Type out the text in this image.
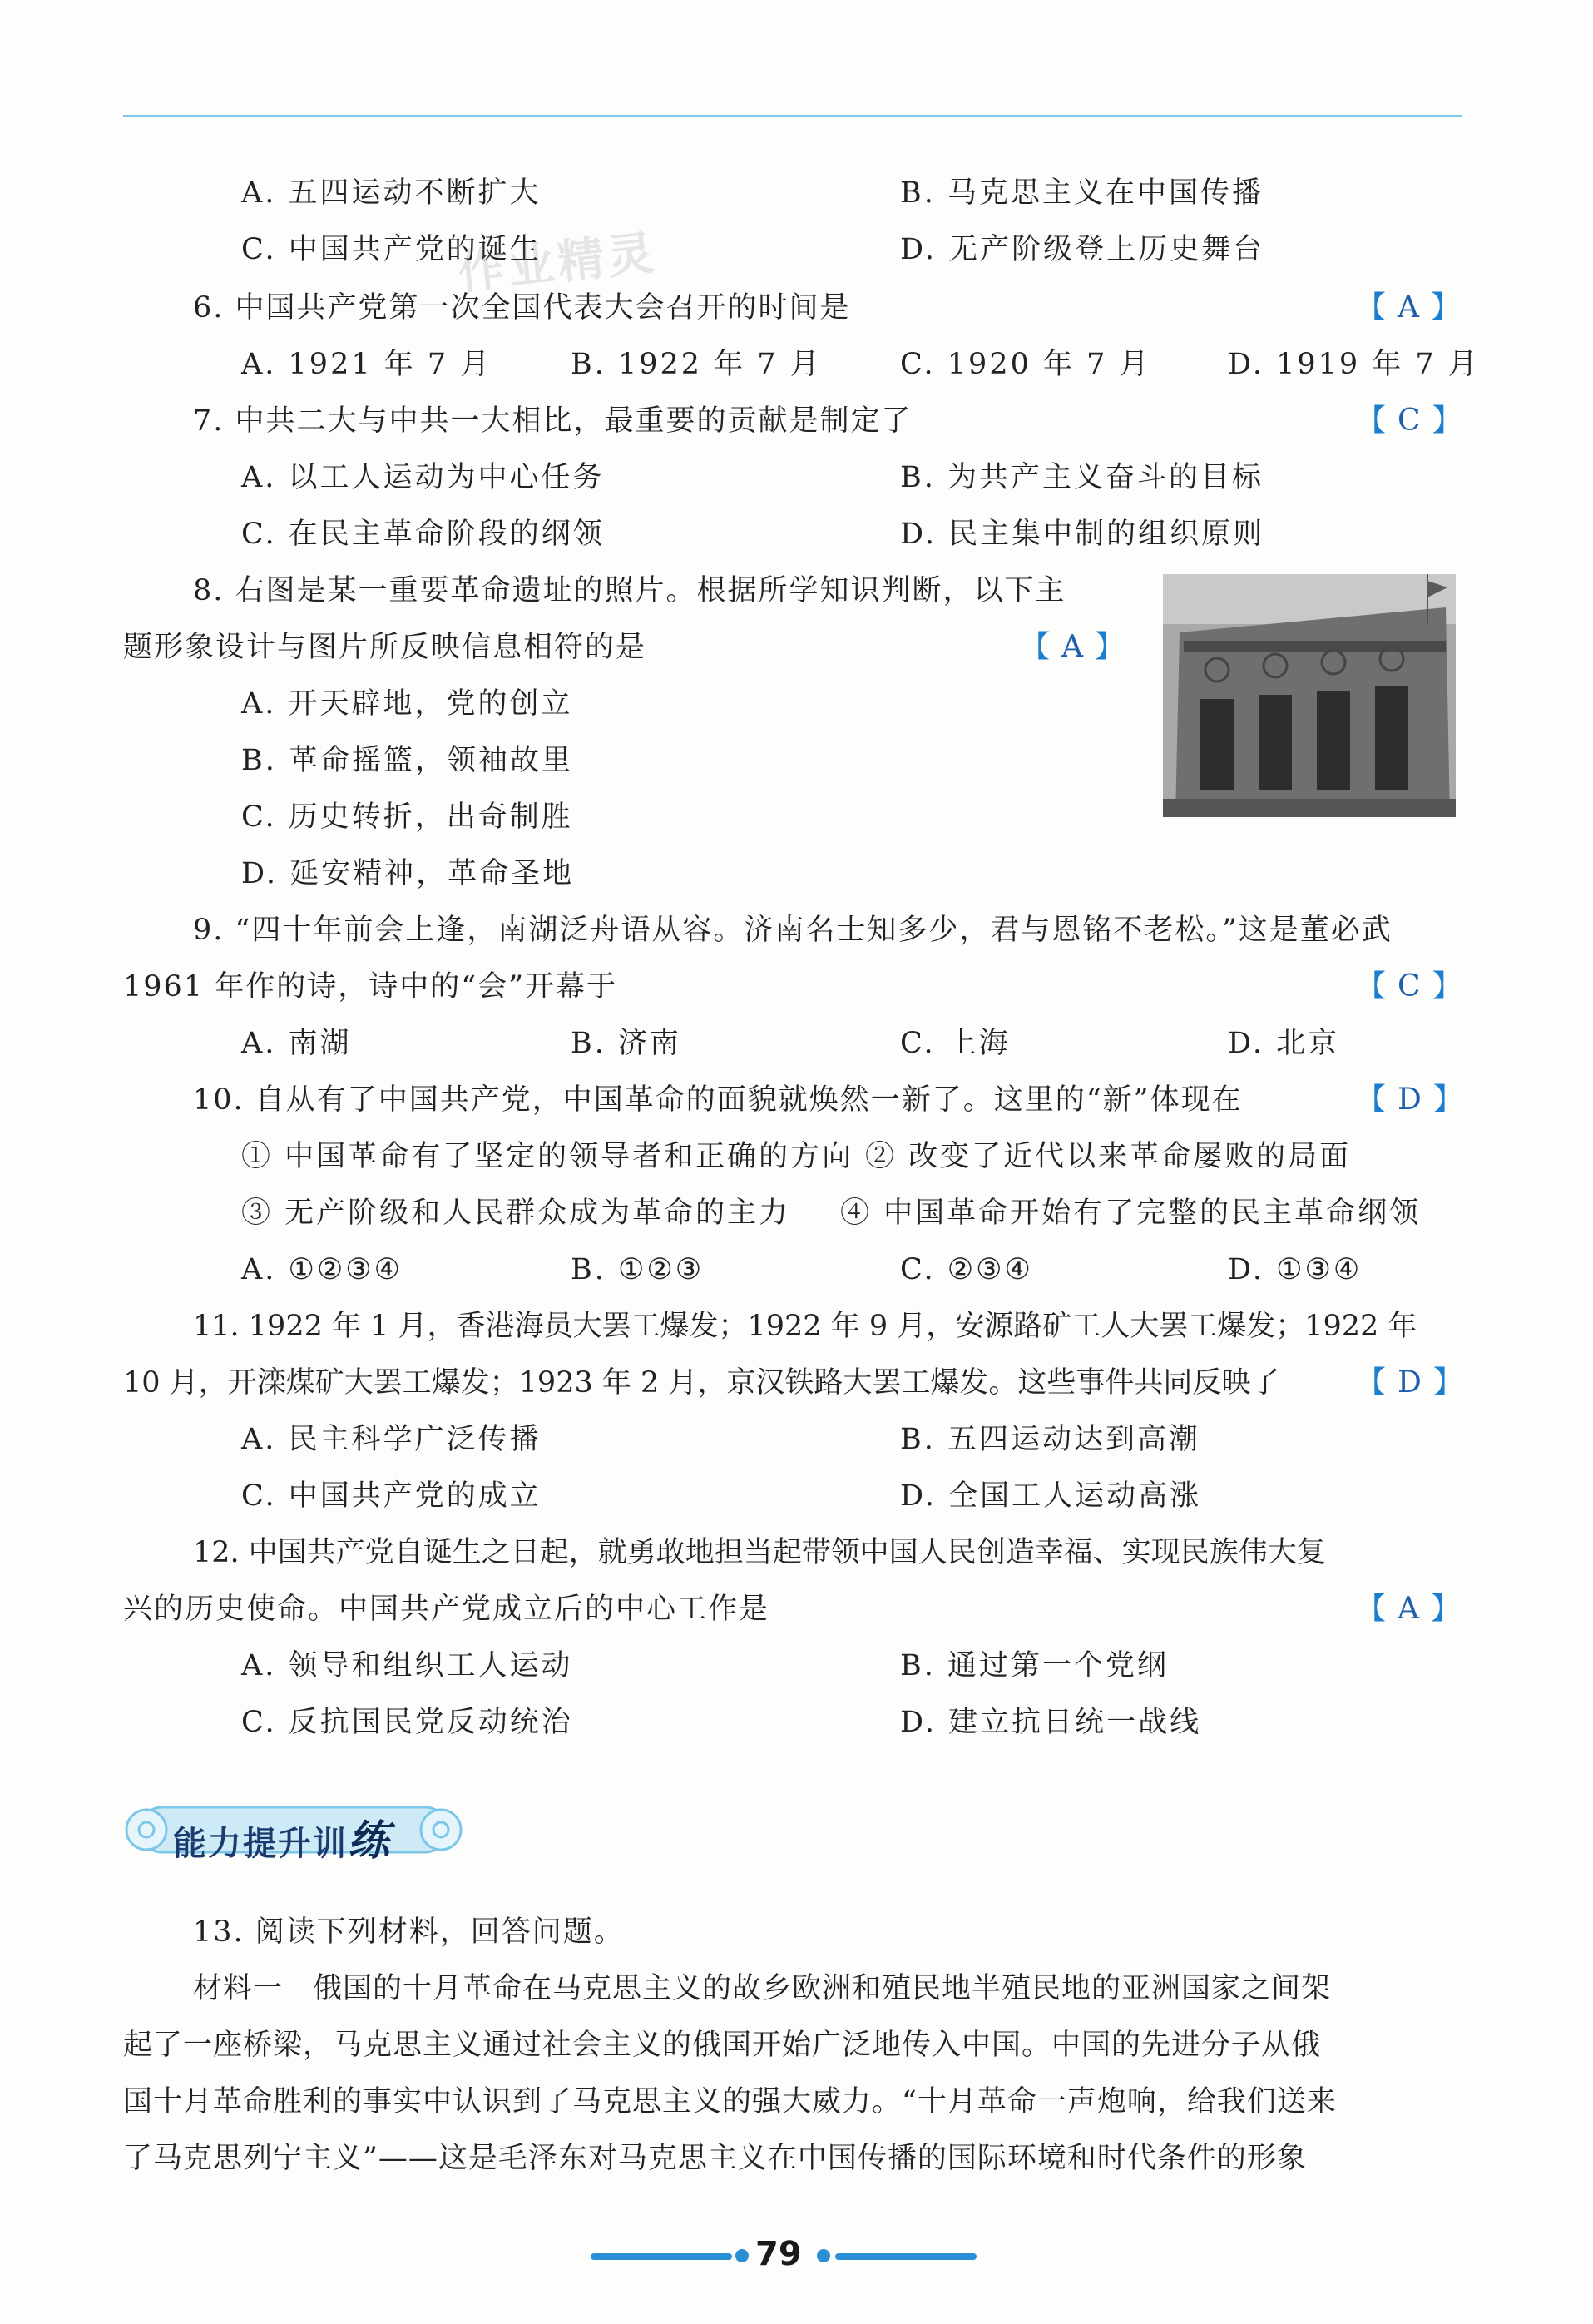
A. 五四运动不断扩大	B. 马克思主义在中国传播
C. 中国共产党的诞生	D. 无产阶级登上历史舞台
作业精灵
6. 中国共产党第一次全国代表大会召开的时间是	【 A 】
A. 1921 年 7 月	B. 1922 年 7 月	C. 1920 年 7 月	D. 1919 年 7 月
7. 中共二大与中共一大相比，最重要的贡献是制定了	【 C 】
A. 以工人运动为中心任务	B. 为共产主义奋斗的目标
C. 在民主革命阶段的纲领	D. 民主集中制的组织原则
8. 右图是某一重要革命遗址的照片。根据所学知识判断，以下主
题形象设计与图片所反映信息相符的是	【 A 】
A. 开天辟地，党的创立
B. 革命摇篮，领袖故里
C. 历史转折，出奇制胜
D. 延安精神，革命圣地
9. “四十年前会上逢，南湖泛舟语从容。济南名士知多少，君与恩铭不老松。”这是董必武
1961 年作的诗，诗中的“会”开幕于	【 C 】
A. 南湖	B. 济南	C. 上海	D. 北京
10. 自从有了中国共产党，中国革命的面貌就焕然一新了。这里的“新”体现在	【 D 】
① 中国革命有了坚定的领导者和正确的方向 ② 改变了近代以来革命屡败的局面
③ 无产阶级和人民群众成为革命的主力 ④ 中国革命开始有了完整的民主革命纲领
A. ①②③④	B. ①②③	C. ②③④	D. ①③④
11. 1922 年 1 月，香港海员大罢工爆发；1922 年 9 月，安源路矿工人大罢工爆发；1922 年
10 月，开滦煤矿大罢工爆发；1923 年 2 月，京汉铁路大罢工爆发。这些事件共同反映了	【 D 】
A. 民主科学广泛传播	B. 五四运动达到高潮
C. 中国共产党的成立	D. 全国工人运动高涨
12. 中国共产党自诞生之日起，就勇敢地担当起带领中国人民创造幸福、实现民族伟大复
兴的历史使命。中国共产党成立后的中心工作是	【 A 】
A. 领导和组织工人运动	B. 通过第一个党纲
C. 反抗国民党反动统治	D. 建立抗日统一战线
能力提升训练
13. 阅读下列材料，回答问题。
材料一　俄国的十月革命在马克思主义的故乡欧洲和殖民地半殖民地的亚洲国家之间架
起了一座桥梁，马克思主义通过社会主义的俄国开始广泛地传入中国。中国的先进分子从俄
国十月革命胜利的事实中认识到了马克思主义的强大威力。“十月革命一声炮响，给我们送来
了马克思列宁主义”——这是毛泽东对马克思主义在中国传播的国际环境和时代条件的形象
79
